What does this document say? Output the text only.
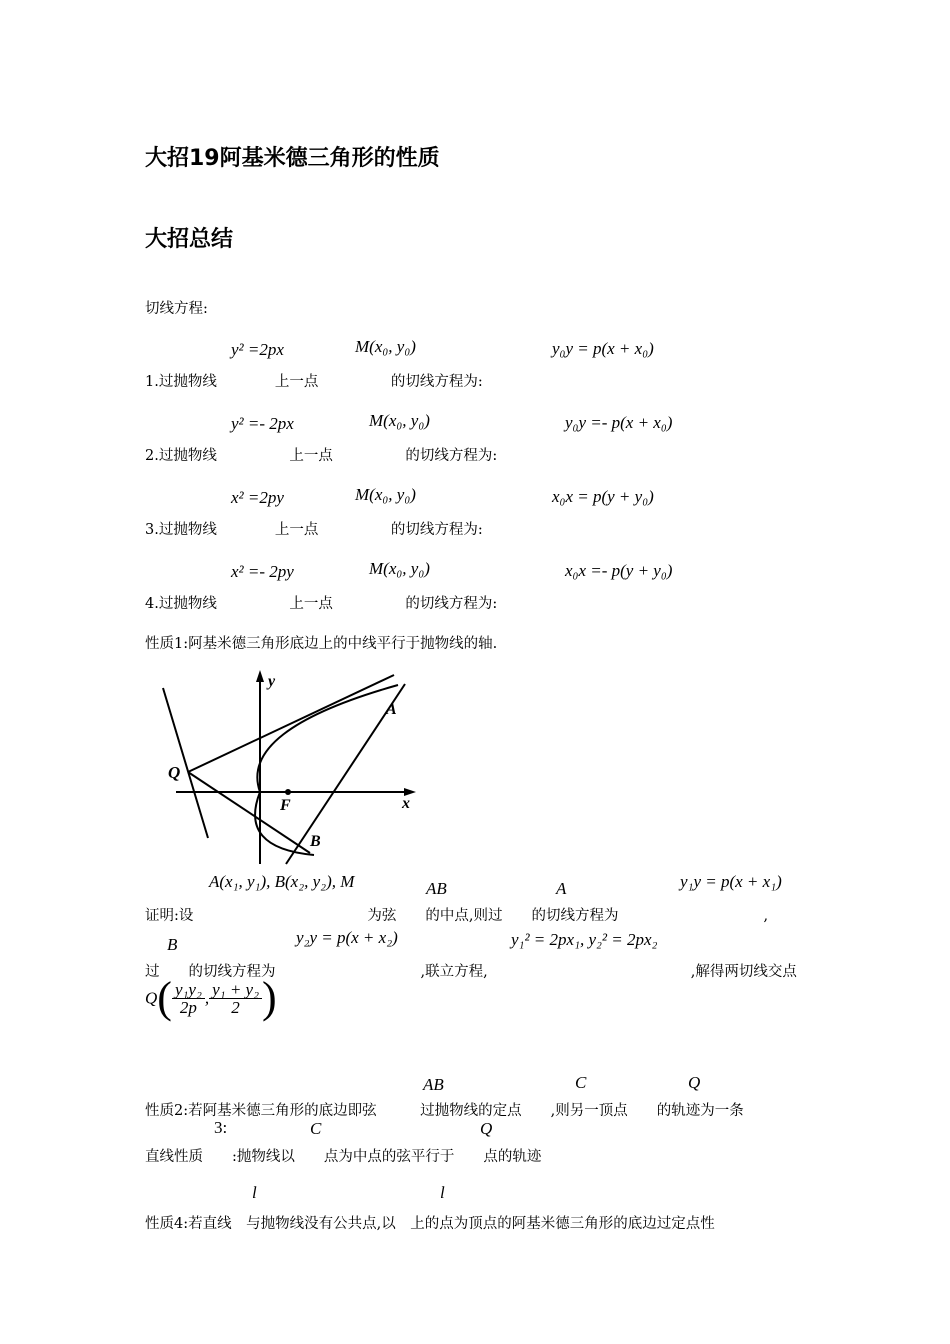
大招19阿基米德三角形的性质
大招总结
切线方程:
y² =2px	M(x₀, y₀)	y₀y = p(x + x₀)
1.过抛物线　　　　上一点　　　　　的切线方程为:
y² =- 2px	M(x₀, y₀)	y₀y =- p(x + x₀)
2.过抛物线　　　　　上一点　　　　　的切线方程为:
x² =2py	M(x₀, y₀)	x₀x = p(y + y₀)
3.过抛物线　　　　上一点　　　　　的切线方程为:
x² =- 2py	M(x₀, y₀)	x₀x =- p(y + y₀)
4.过抛物线　　　　　上一点　　　　　的切线方程为:
性质1:阿基米德三角形底边上的中线平行于抛物线的轴.
y
x
F
Q
A
B
A(x₁, y₁), B(x₂, y₂), M	AB	A	y₁y = p(x + x₁)
证明:设　　　　　　　　　　　　为弦　　的中点,则过　　的切线方程为　　　　　　　　　　,
B	y₂y = p(x + x₂)	y₁² = 2px₁, y₂² = 2px₂
过　　的切线方程为　　　　　　　　　　,联立方程,　　　　　　　　　　　　　　,解得两切线交点
$Q( \frac{\text{y₁y₂}}{2p}$ , $\frac{\text{y₁ + y₂}}{2}$ )
AB	C	Q
性质2:若阿基米德三角形的底边即弦　　　过抛物线的定点　　,则另一顶点　　的轨迹为一条
3:	C	Q
直线性质　　:抛物线以　　点为中点的弦平行于　　点的轨迹
l	l
性质4:若直线　与抛物线没有公共点,以　上的点为顶点的阿基米德三角形的底边过定点性
